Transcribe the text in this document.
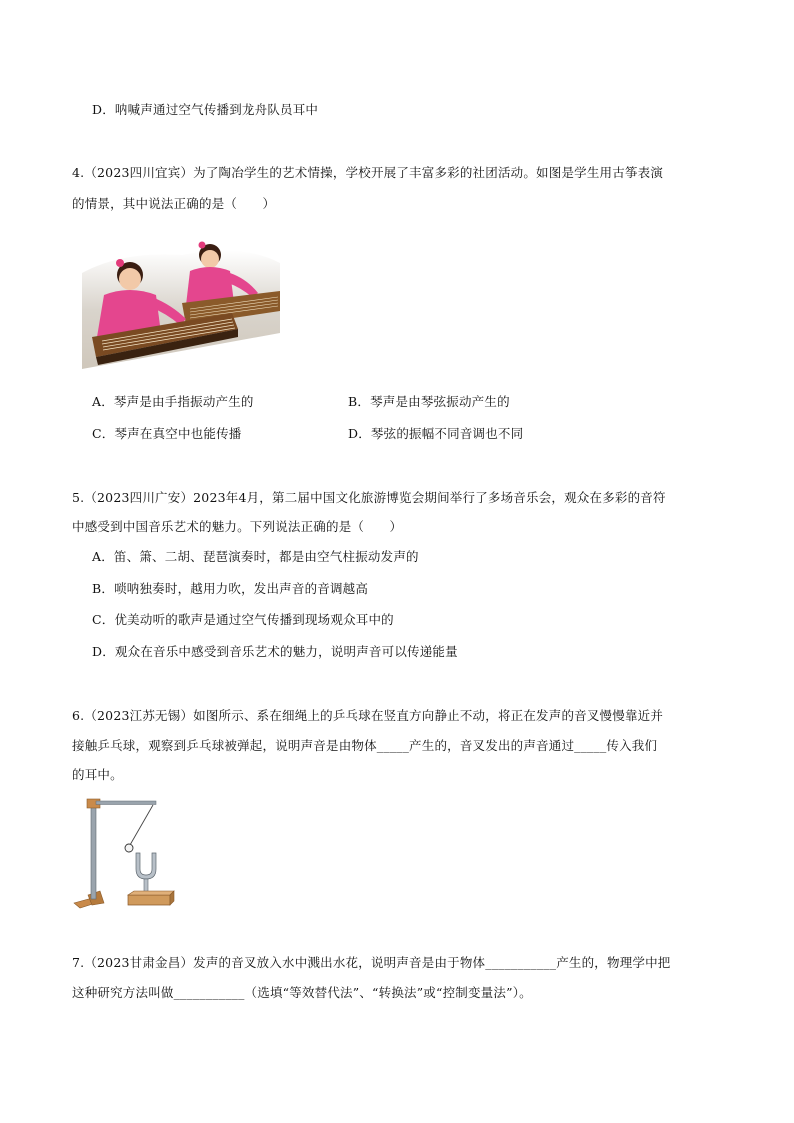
D．呐喊声通过空气传播到龙舟队员耳中
4.（2023四川宜宾）为了陶冶学生的艺术情操，学校开展了丰富多彩的社团活动。如图是学生用古筝表演
的情景，其中说法正确的是（　　）
A．琴声是由手指振动产生的	B．琴声是由琴弦振动产生的
C．琴声在真空中也能传播	D．琴弦的振幅不同音调也不同
5.（2023四川广安）2023年4月，第二届中国文化旅游博览会期间举行了多场音乐会，观众在多彩的音符
中感受到中国音乐艺术的魅力。下列说法正确的是（　　）
A．笛、箫、二胡、琵琶演奏时，都是由空气柱振动发声的
B．唢呐独奏时，越用力吹，发出声音的音调越高
C．优美动听的歌声是通过空气传播到现场观众耳中的
D．观众在音乐中感受到音乐艺术的魅力，说明声音可以传递能量
6.（2023江苏无锡）如图所示、系在细绳上的乒乓球在竖直方向静止不动，将正在发声的音叉慢慢靠近并
接触乒乓球，观察到乒乓球被弹起，说明声音是由物体_____产生的，音叉发出的声音通过_____传入我们
的耳中。
7.（2023甘肃金昌）发声的音叉放入水中溅出水花，说明声音是由于物体___________产生的，物理学中把
这种研究方法叫做___________（选填“等效替代法”、“转换法”或“控制变量法”）。
